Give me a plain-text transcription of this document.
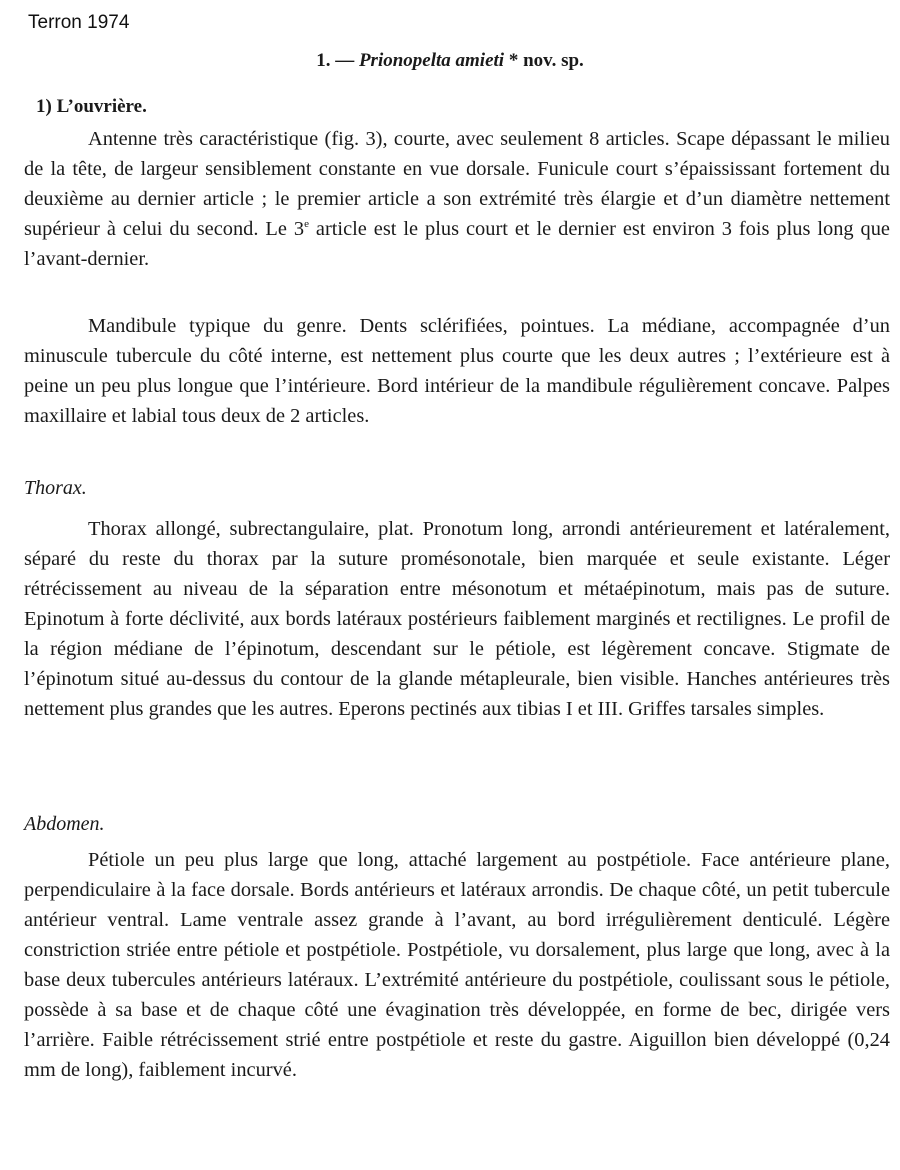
Terron 1974
1. — Prionopelta amieti * nov. sp.
1) L’ouvrière.

Antenne très caractéristique (fig. 3), courte, avec seulement 8 articles. Scape dépassant le milieu de la tête, de largeur sensiblement constante en vue dorsale. Funicule court s’épaississant fortement du deuxième au dernier article ; le premier article a son extrémité très élargie et d’un diamètre nettement supérieur à celui du second. Le 3e article est le plus court et le dernier est environ 3 fois plus long que l’avant-dernier.

Mandibule typique du genre. Dents sclérifiées, pointues. La médiane, accompagnée d’un minuscule tubercule du côté interne, est nettement plus courte que les deux autres ; l’extérieure est à peine un peu plus longue que l’intérieure. Bord intérieur de la mandibule régulièrement concave. Palpes maxillaire et labial tous deux de 2 articles.

Thorax.

Thorax allongé, subrectangulaire, plat. Pronotum long, arrondi antérieurement et latéralement, séparé du reste du thorax par la suture promésonotale, bien marquée et seule existante. Léger rétrécissement au niveau de la séparation entre mésonotum et métaépinotum, mais pas de suture. Epinotum à forte déclivité, aux bords latéraux postérieurs faiblement marginés et rectilignes. Le profil de la région médiane de l’épinotum, descendant sur le pétiole, est légèrement concave. Stigmate de l’épinotum situé au-dessus du contour de la glande métapleurale, bien visible. Hanches antérieures très nettement plus grandes que les autres. Eperons pectinés aux tibias I et III. Griffes tarsales simples.

Abdomen.

Pétiole un peu plus large que long, attaché largement au postpétiole. Face antérieure plane, perpendiculaire à la face dorsale. Bords antérieurs et latéraux arrondis. De chaque côté, un petit tubercule antérieur ventral. Lame ventrale assez grande à l’avant, au bord irrégulièrement denticulé. Légère constriction striée entre pétiole et postpétiole. Postpétiole, vu dorsalement, plus large que long, avec à la base deux tubercules antérieurs latéraux. L’extrémité antérieure du postpétiole, coulissant sous le pétiole, possède à sa base et de chaque côté une évagination très développée, en forme de bec, dirigée vers l’arrière. Faible rétrécissement strié entre postpétiole et reste du gastre. Aiguillon bien développé (0,24 mm de long), faiblement incurvé.
